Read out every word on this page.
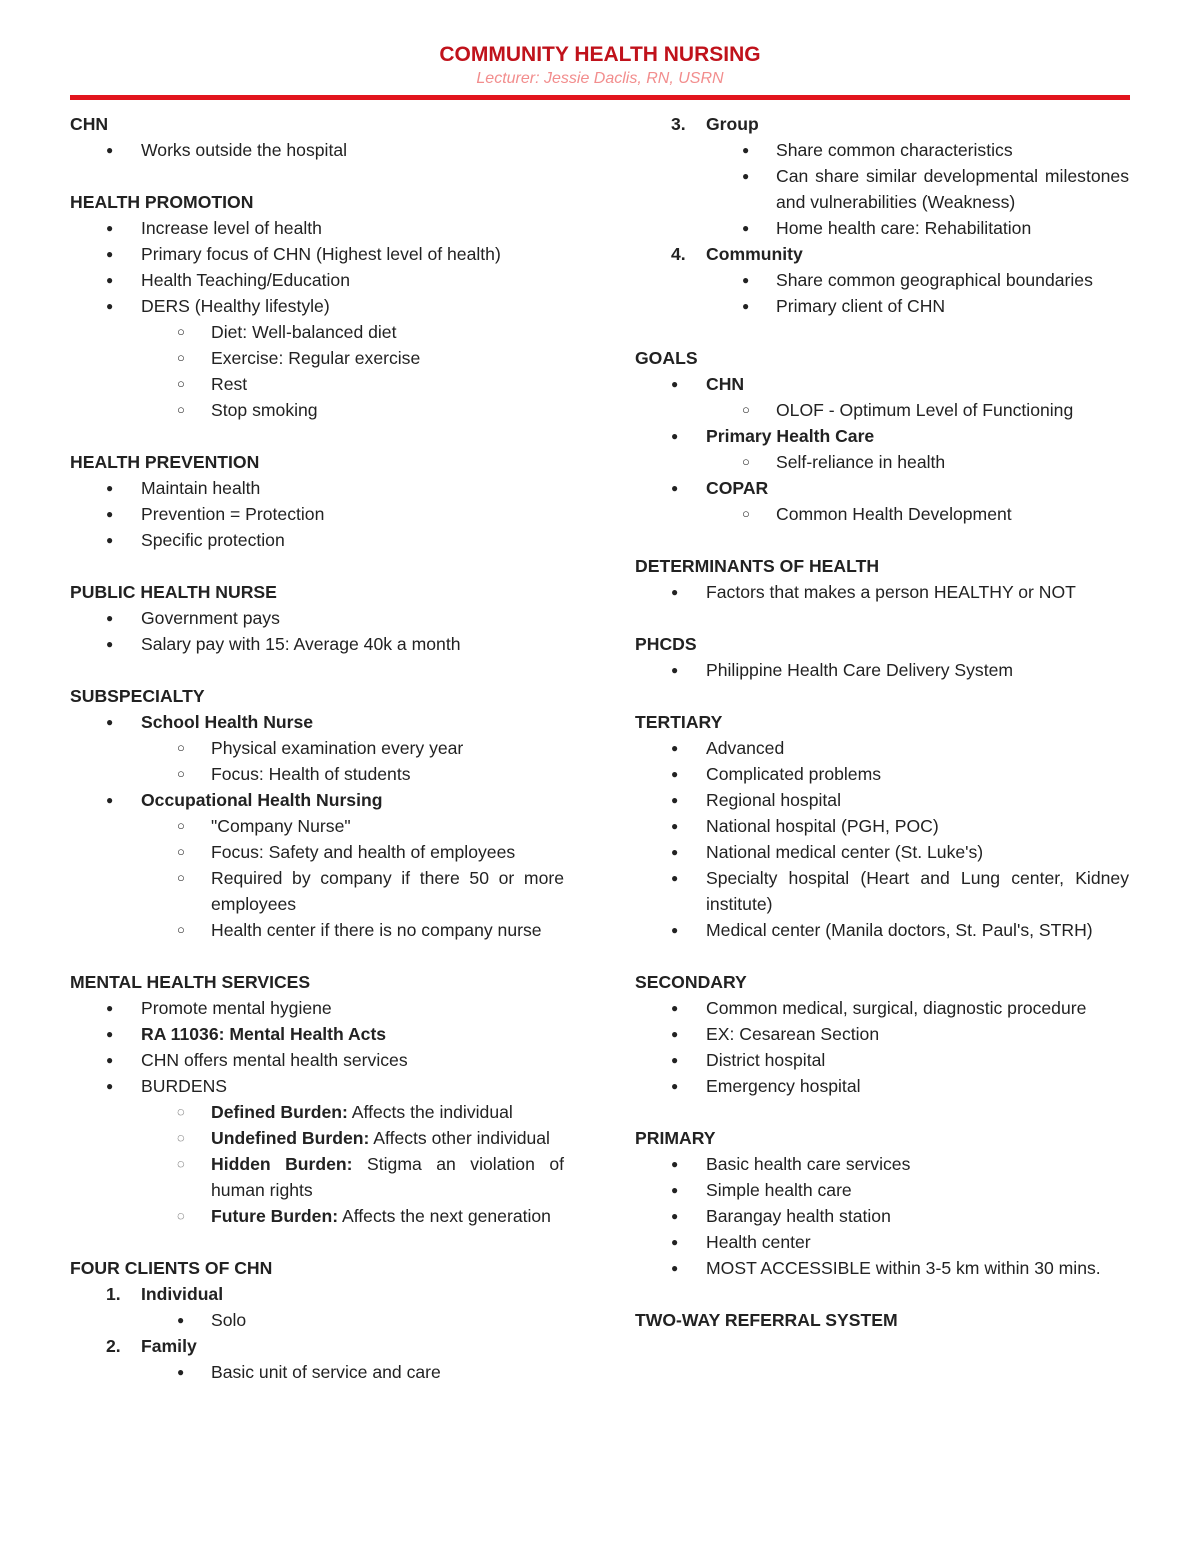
COMMUNITY HEALTH NURSING
Lecturer: Jessie Daclis, RN, USRN
CHN
● Works outside the hospital
HEALTH PROMOTION
● Increase level of health
● Primary focus of CHN (Highest level of health)
● Health Teaching/Education
● DERS (Healthy lifestyle)
○ Diet: Well-balanced diet
○ Exercise: Regular exercise
○ Rest
○ Stop smoking
HEALTH PREVENTION
● Maintain health
● Prevention = Protection
● Specific protection
PUBLIC HEALTH NURSE
● Government pays
● Salary pay with 15: Average 40k a month
SUBSPECIALTY
● School Health Nurse
○ Physical examination every year
○ Focus: Health of students
● Occupational Health Nursing
○ "Company Nurse"
○ Focus: Safety and health of employees
○ Required by company if there 50 or more employees
○ Health center if there is no company nurse
MENTAL HEALTH SERVICES
● Promote mental hygiene
● RA 11036: Mental Health Acts
● CHN offers mental health services
● BURDENS
◌ Defined Burden: Affects the individual
◌ Undefined Burden: Affects other individual
◌ Hidden Burden: Stigma an violation of human rights
◌ Future Burden: Affects the next generation
FOUR CLIENTS OF CHN
1. Individual
● Solo
2. Family
● Basic unit of service and care
3. Group
● Share common characteristics
● Can share similar developmental milestones and vulnerabilities (Weakness)
● Home health care: Rehabilitation
4. Community
● Share common geographical boundaries
● Primary client of CHN
GOALS
● CHN
○ OLOF - Optimum Level of Functioning
● Primary Health Care
○ Self-reliance in health
● COPAR
○ Common Health Development
DETERMINANTS OF HEALTH
● Factors that makes a person HEALTHY or NOT
PHCDS
● Philippine Health Care Delivery System
TERTIARY
● Advanced
● Complicated problems
● Regional hospital
● National hospital (PGH, POC)
● National medical center (St. Luke's)
● Specialty hospital (Heart and Lung center, Kidney institute)
● Medical center (Manila doctors, St. Paul's, STRH)
SECONDARY
● Common medical, surgical, diagnostic procedure
● EX: Cesarean Section
● District hospital
● Emergency hospital
PRIMARY
● Basic health care services
● Simple health care
● Barangay health station
● Health center
● MOST ACCESSIBLE within 3-5 km within 30 mins.
TWO-WAY REFERRAL SYSTEM
